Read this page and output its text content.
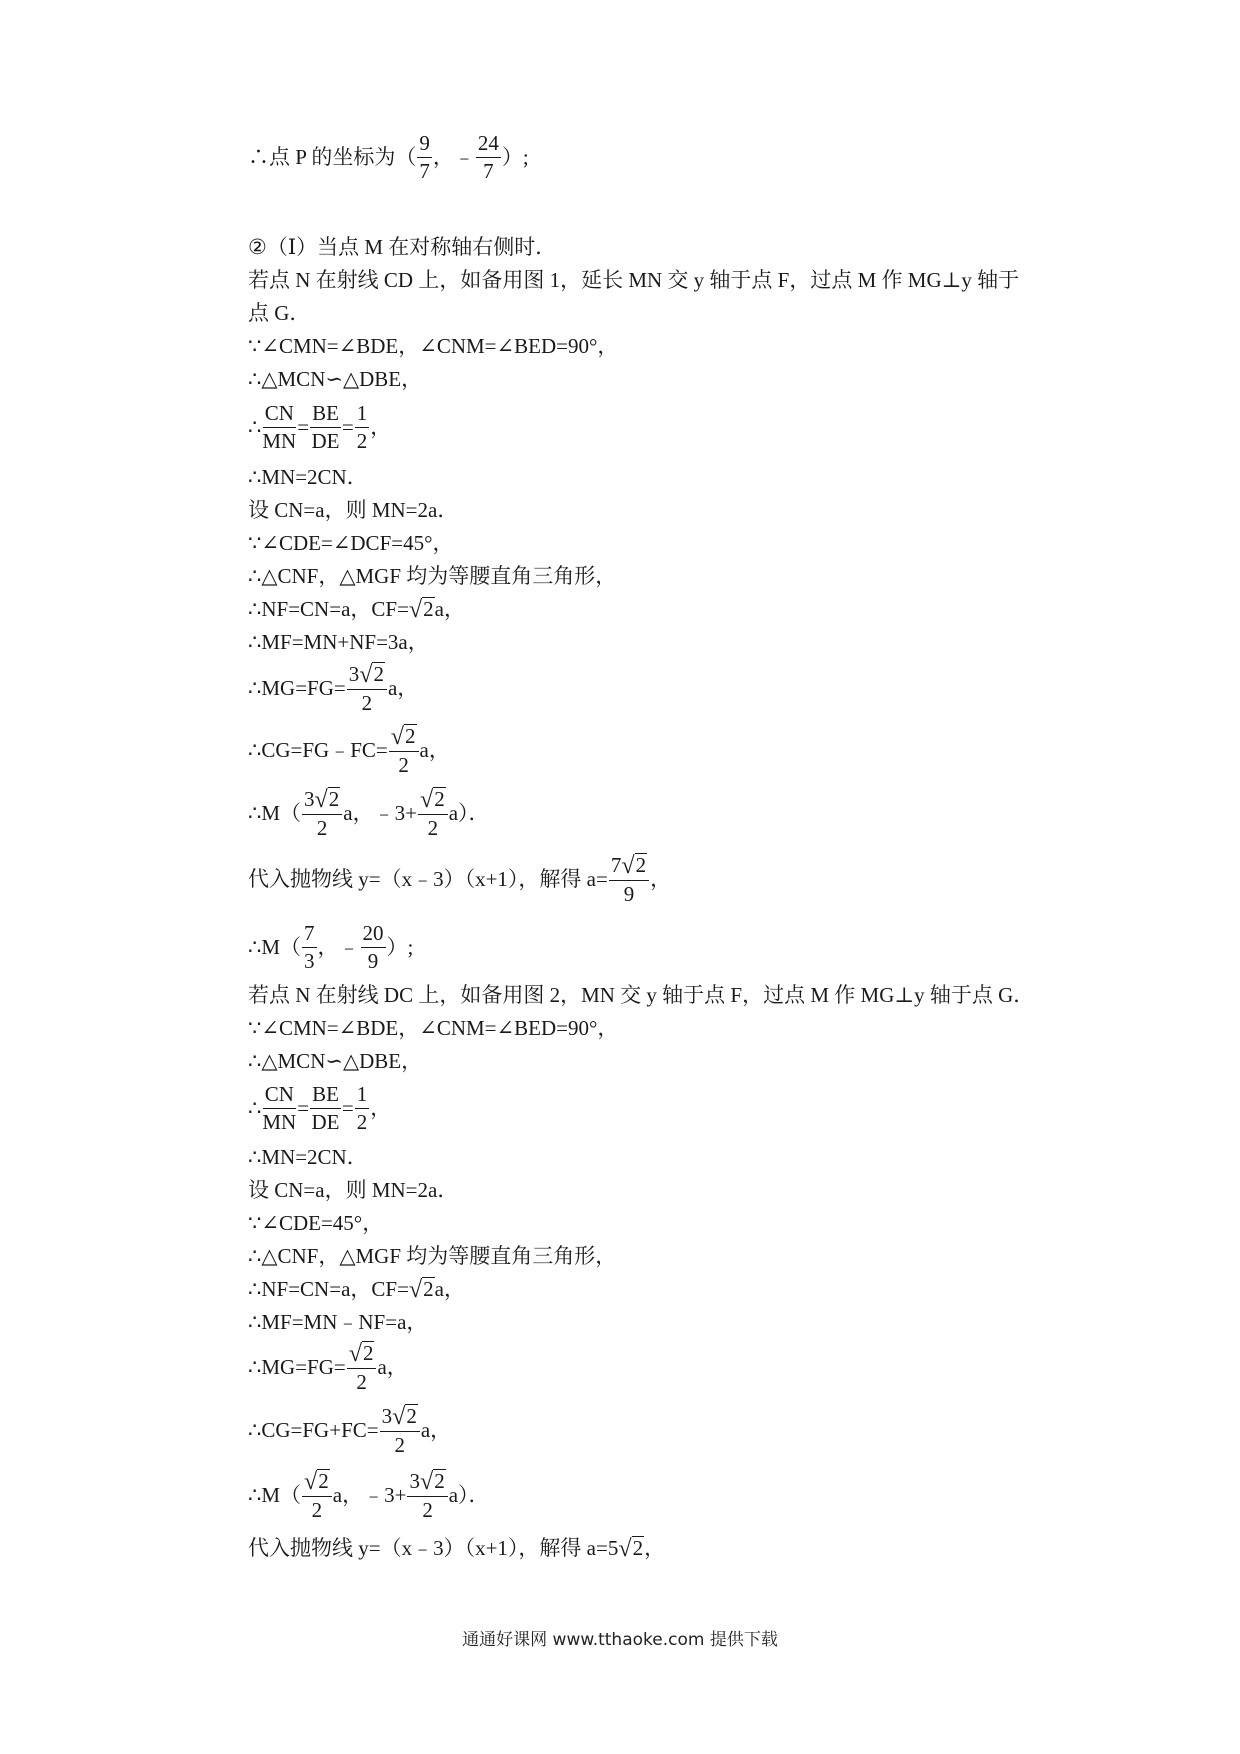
∴点 P 的坐标为（ $\frac{9}{7}$ ，﹣ $\frac{24}{7}$ ）;
②（Ⅰ）当点 M 在对称轴右侧时．
若点 N 在射线 CD 上，如备用图 1，延长 MN 交 y 轴于点 F，过点 M 作 MG⊥y 轴于
点 G．
∵∠CMN=∠BDE，∠CNM=∠BED=90°，
∴△MCN∽△DBE，
∴ $\frac{CN}{MN} = \frac{BE}{DE} = \frac{1}{2}$ ，
∴MN=2CN．
设 CN=a，则 MN=2a．
∵∠CDE=∠DCF=45°，
∴△CNF，△MGF 均为等腰直角三角形，
∴NF=CN=a，CF= √ 2 a，
∴MF=MN+NF=3a，
∴MG=FG= $\frac{3 √ 2}{2}$ a，
∴CG=FG﹣FC= $\frac{√ 2}{2}$ a，
∴M（ $\frac{3 √ 2}{2}$ a，﹣3+ $\frac{√ 2}{2} a$）．
代入抛物线 y=（x﹣3）（x+1），解得 $a= \frac{7 √ 2}{9}$ ，
∴M（ $\frac{7}{3}$ ，﹣ $\frac{20}{9}$ ）;
若点 N 在射线 DC 上，如备用图 2，MN 交 y 轴于点 F，过点 M 作 MG⊥y 轴于点 G．
∵∠CMN=∠BDE，∠CNM=∠BED=90°，
∴△MCN∽△DBE，
∴ $\frac{CN}{MN} = \frac{BE}{DE} = \frac{1}{2}$ ，
∴MN=2CN．
设 CN=a，则 MN=2a．
∵∠CDE=45°，
∴△CNF，△MGF 均为等腰直角三角形，
∴NF=CN=a，CF= √ 2 a，
∴MF=MN﹣NF=a，
∴MG=FG= $\frac{√ 2}{2}$ a，
∴CG=FG+FC= $\frac{3 √ 2}{2}$ a，
∴M（ $\frac{√ 2}{2}$ a，﹣3+ $\frac{3 √ 2}{2} a$）．
代入抛物线 y=（x﹣3）（x+1），解得 a=5 √ 2 ，
通通好课网 www.tthaoke.com 提供下载
